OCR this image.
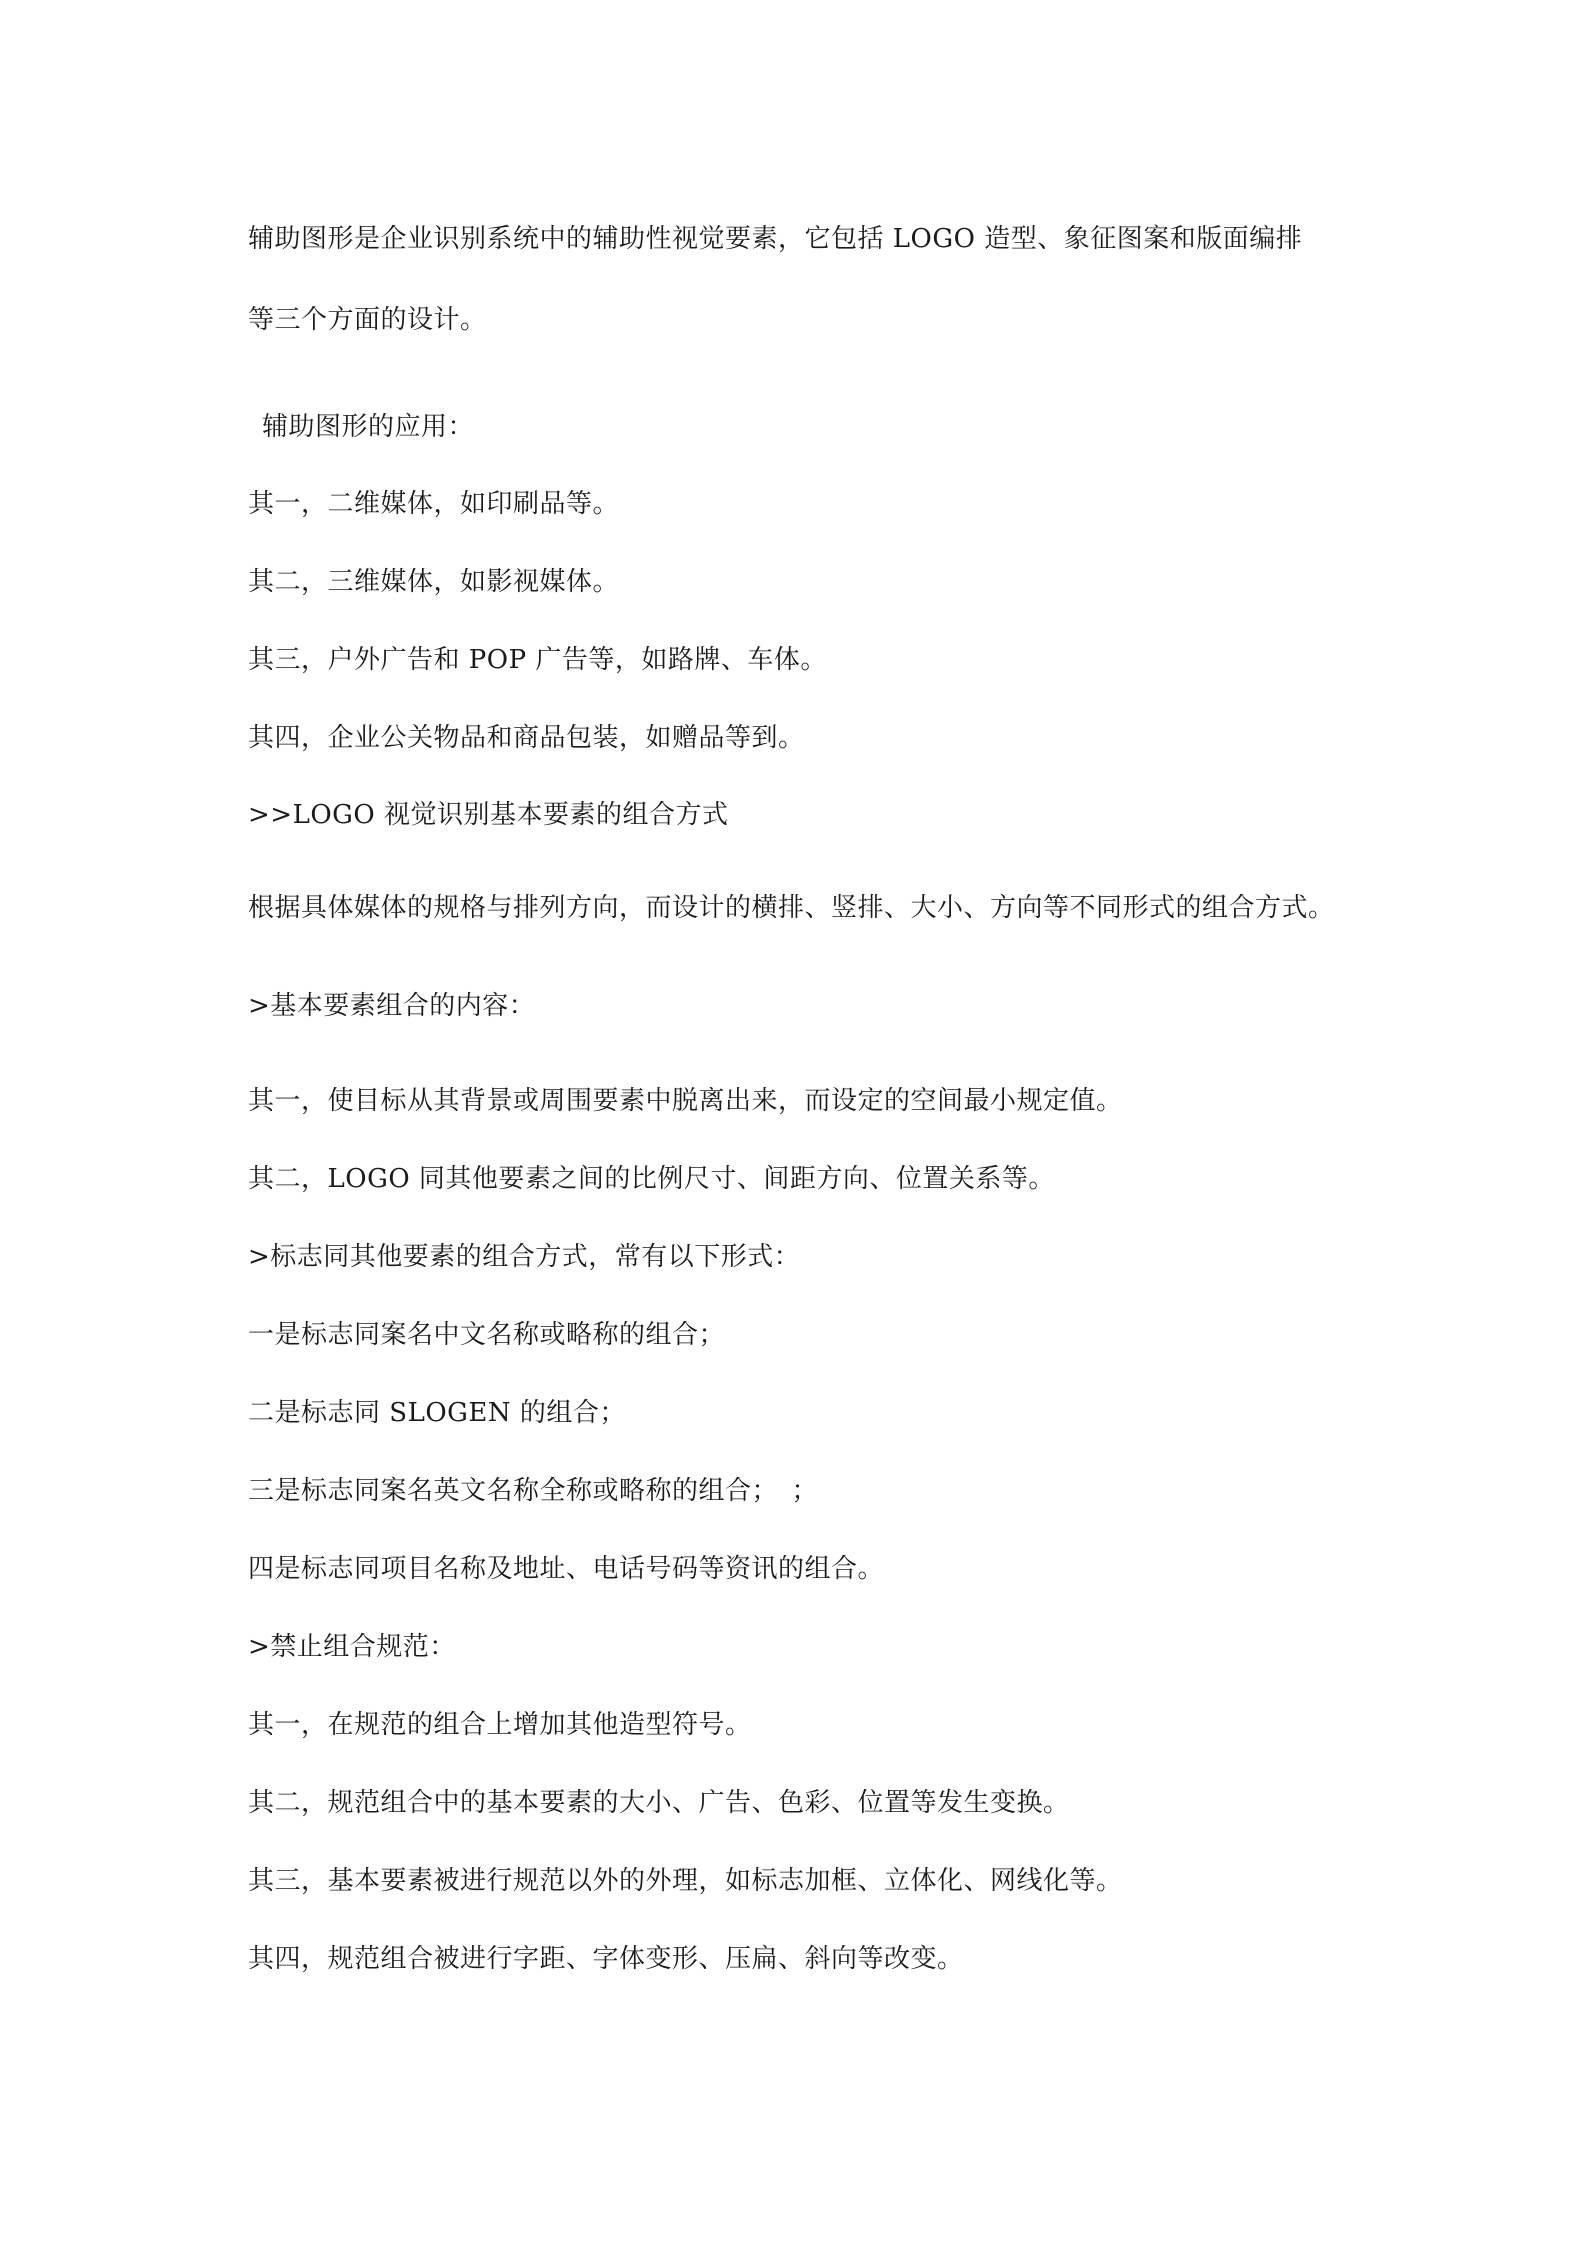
辅助图形是企业识别系统中的辅助性视觉要素，它包括 LOGO 造型、象征图案和版面编排
等三个方面的设计。
辅助图形的应用：
其一，二维媒体，如印刷品等。
其二，三维媒体，如影视媒体。
其三，户外广告和 POP 广告等，如路牌、车体。
其四，企业公关物品和商品包装，如赠品等到。
>>LOGO 视觉识别基本要素的组合方式
根据具体媒体的规格与排列方向，而设计的横排、竖排、大小、方向等不同形式的组合方式。
>基本要素组合的内容：
其一，使目标从其背景或周围要素中脱离出来，而设定的空间最小规定值。
其二，LOGO 同其他要素之间的比例尺寸、间距方向、位置关系等。
>标志同其他要素的组合方式，常有以下形式：
一是标志同案名中文名称或略称的组合；
二是标志同 SLOGEN 的组合；
三是标志同案名英文名称全称或略称的组合；　；
四是标志同项目名称及地址、电话号码等资讯的组合。
>禁止组合规范：
其一，在规范的组合上增加其他造型符号。
其二，规范组合中的基本要素的大小、广告、色彩、位置等发生变换。
其三，基本要素被进行规范以外的外理，如标志加框、立体化、网线化等。
其四，规范组合被进行字距、字体变形、压扁、斜向等改变。
